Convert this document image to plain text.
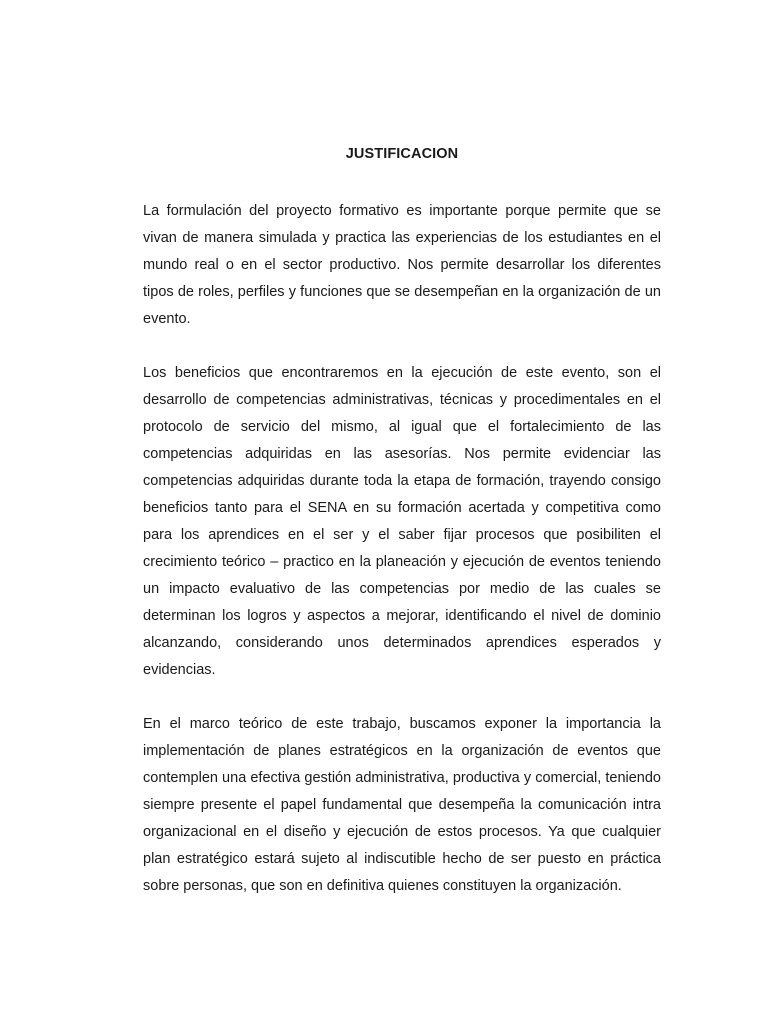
JUSTIFICACION

La formulación del proyecto formativo es importante porque permite que se vivan de manera simulada y practica las experiencias de los estudiantes en el mundo real o en el sector productivo. Nos permite desarrollar los diferentes tipos de roles, perfiles y funciones que se desempeñan en la organización de un evento.

Los beneficios que encontraremos en la ejecución de este evento, son el desarrollo de competencias administrativas, técnicas y procedimentales en el protocolo de servicio del mismo, al igual que el fortalecimiento de las competencias adquiridas en las asesorías. Nos permite evidenciar las competencias adquiridas durante toda la etapa de formación, trayendo consigo beneficios tanto para el SENA en su formación acertada y competitiva como para los aprendices en el ser y el saber fijar procesos que posibiliten el crecimiento teórico – practico en la planeación y ejecución de eventos teniendo un impacto evaluativo de las competencias por medio de las cuales se determinan los logros y aspectos a mejorar, identificando el nivel de dominio alcanzando, considerando unos determinados aprendices esperados y evidencias.

En el marco teórico de este trabajo, buscamos exponer la importancia la implementación de planes estratégicos en la organización de eventos que contemplen una efectiva gestión administrativa, productiva y comercial, teniendo siempre presente el papel fundamental que desempeña la comunicación intra organizacional en el diseño y ejecución de estos procesos. Ya que cualquier plan estratégico estará sujeto al indiscutible hecho de ser puesto en práctica sobre personas, que son en definitiva quienes constituyen la organización.
